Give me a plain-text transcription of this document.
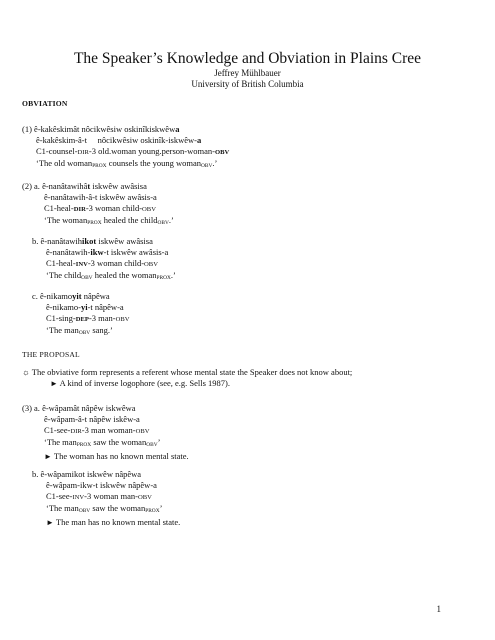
The Speaker’s Knowledge and Obviation in Plains Cree
Jeffrey Mühlbauer
University of British Columbia
OBVIATION
(1) ê-kakêskimât nôcikwêsiw oskinîkiskwêwa
ê-kakêskim-â-t nôcikwêsiw oskinîk-iskwêw-a
C1-counsel-DIR-3 old.woman young.person-woman-OBV
‘The old woman$_{PROX}$ counsels the young woman$_{OBV}$.’
(2) a. ê-nanâtawihât iskwêw awâsisa
ê-nanâtawih-â-t iskwêw awâsis-a
C1-heal-DIR-3 woman child-OBV
‘The woman$_{PROX}$ healed the child$_{OBV}$.’
b. ê-nanâtawihikot iskwêw awâsisa
ê-nanâtawih-ikw-t iskwêw awâsis-a
C1-heal-INV-3 woman child-OBV
‘The child$_{OBV}$ healed the woman$_{PROX}$.’
c. ê-nikamoyit nâpêwa
ê-nikamo-yi-t nâpêw-a
C1-sing-DEP-3 man-OBV
‘The man$_{OBV}$ sang.’
THE PROPOSAL
☼ The obviative form represents a referent whose mental state the Speaker does not know about;
► A kind of inverse logophore (see, e.g. Sells 1987).
(3) a. ê-wâpamât nâpêw iskwêwa
ê-wâpam-â-t nâpêw iskêw-a
C1-see-DIR-3 man woman-OBV
‘The man$_{PROX}$ saw the woman$_{OBV}$’
► The woman has no known mental state.
b. ê-wâpamikot iskwêw nâpêwa
ê-wâpam-ikw-t iskwêw nâpêw-a
C1-see-INV-3 woman man-OBV
‘The man$_{OBV}$ saw the woman$_{PROX}$’
► The man has no known mental state.
1
